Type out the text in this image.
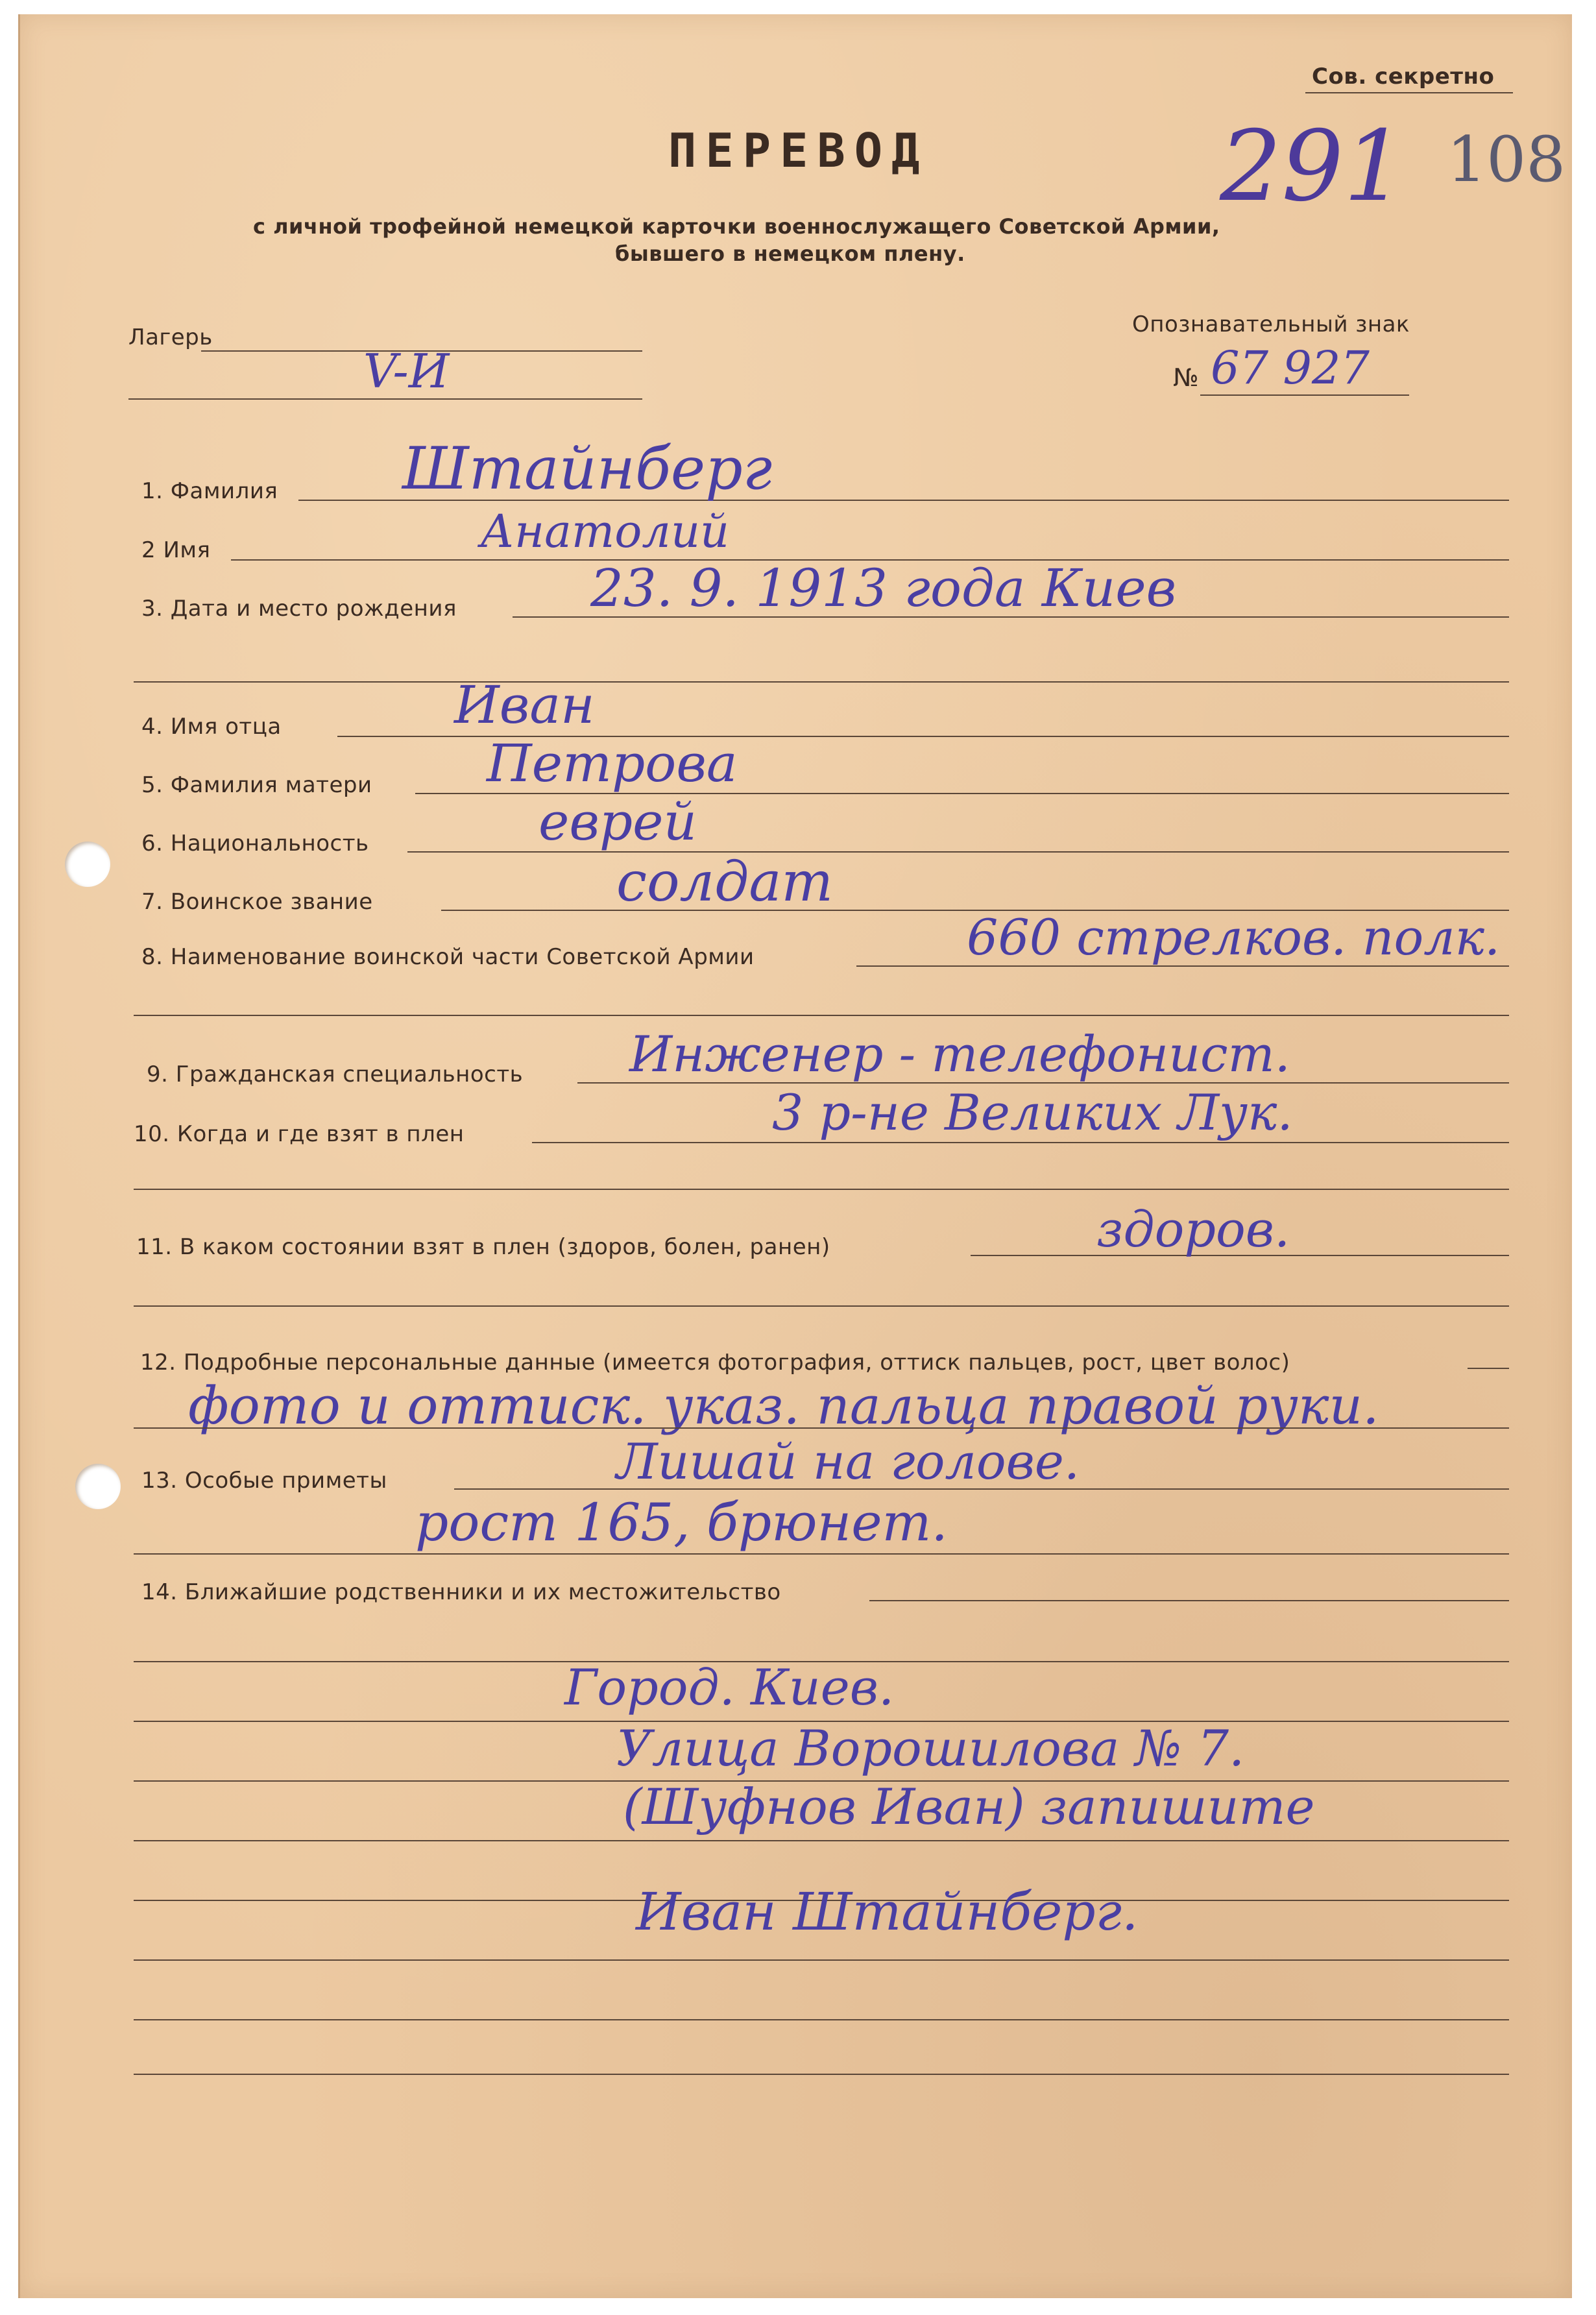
Сов. секретно
ПЕРЕВОД
с личной трофейной немецкой карточки военнослужащего Советской Армии,
бывшего в немецком плену.
291 108
Лагерь
V-И
Опознавательный знак
№ 67 927
1. Фамилия Штайнберг
2 Имя	Анатолий
3. Дата и место рождения	23. 9. 1913 года Киев
4. Имя отца	Иван
5. Фамилия матери Петрова
6. Национальность	еврей
7. Воинское звание	солдат
8. Наименование воинской части Советской Армии	660 стрелков. полк.
9. Гражданская специальность Инженер - телефонист.
10. Когда и где взят в плен	3 р-не Великих Лук.
11. В каком состоянии взят в плен (здоров, болен, ранен)	здоров.
12. Подробные персональные данные (имеется фотография, оттиск пальцев, рост, цвет волос)
фото и оттиск. указ. пальца правой руки.
13. Особые приметы	Лишай на голове.
рост 165, брюнет.
14. Ближайшие родственники и их местожительство
Город. Киев.
Улица Ворошилова № 7.
(Шуфнов Иван) запишите
Иван Штайнберг.
